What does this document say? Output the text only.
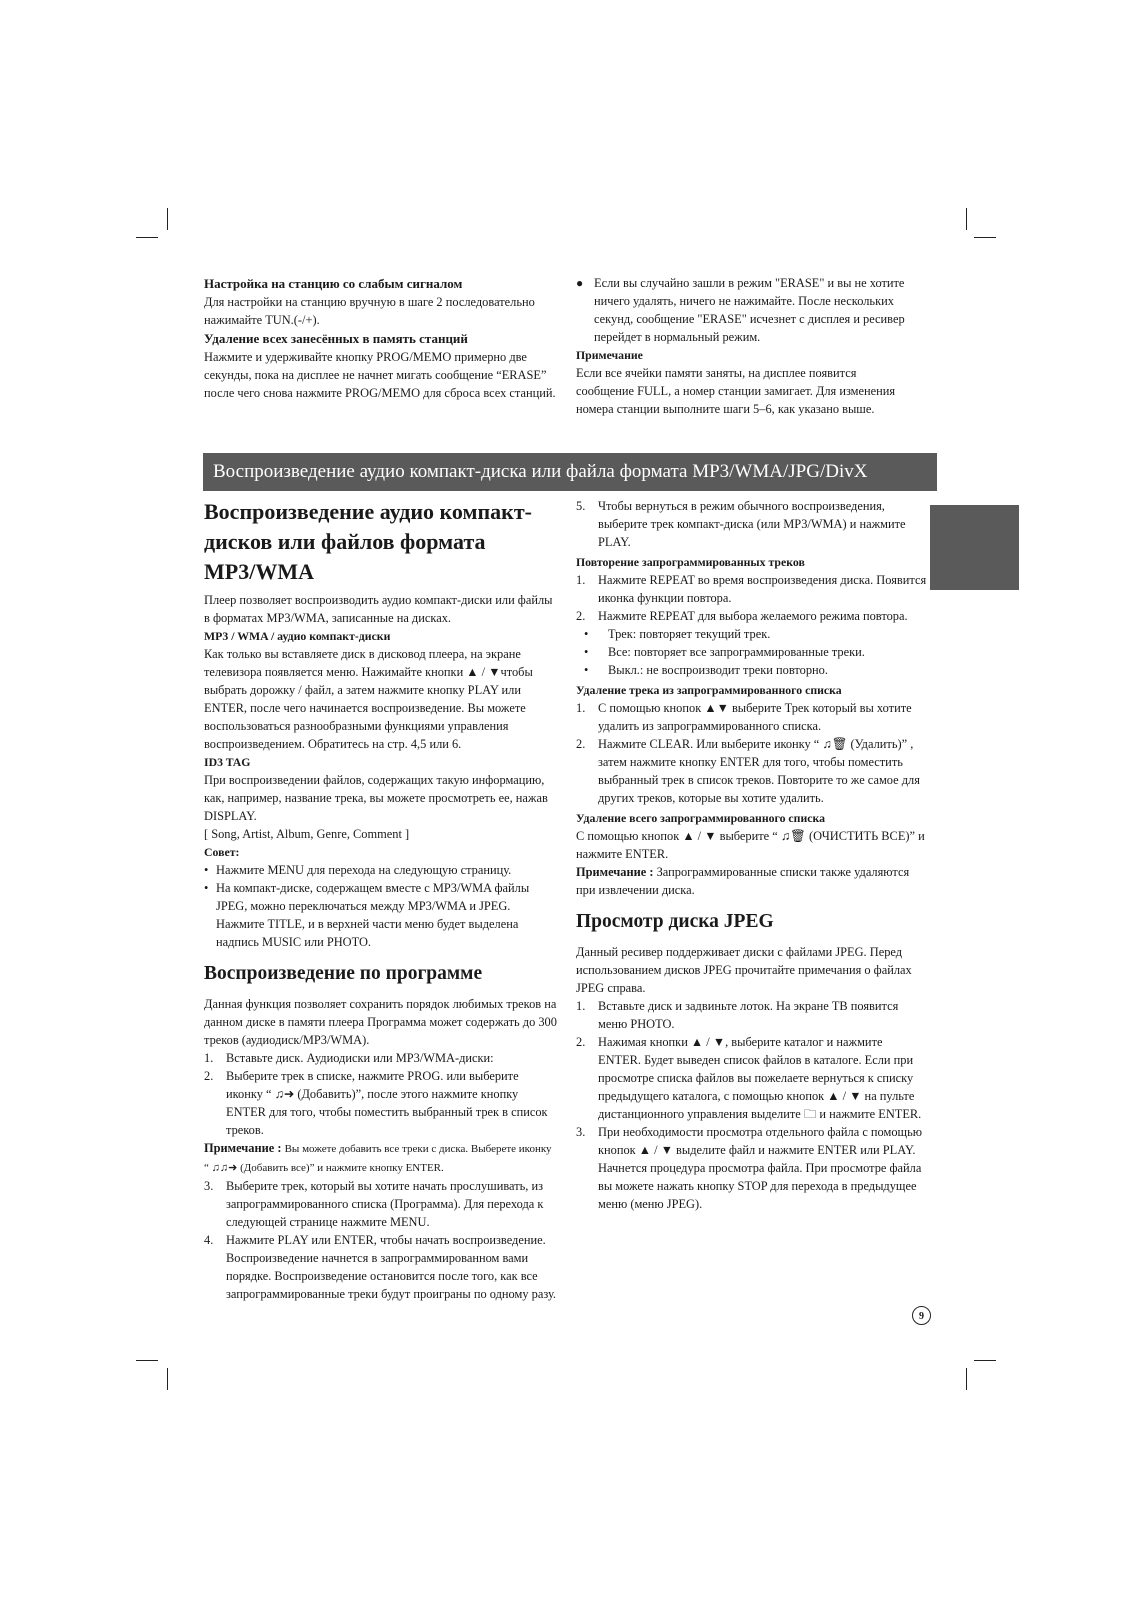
Настройка на станцию со слабым сигналом

Для настройки на станцию вручную в шаге 2 последовательно нажимайте TUN.(-/+).

Удаление всех занесённых в память станций

Нажмите и удерживайте кнопку PROG/MEMO примерно две секунды, пока на дисплее не начнет мигать сообщение “ERASE” после чего снова нажмите PROG/MEMO для сброса всех станций.

● Если вы случайно зашли в режим "ERASE" и вы не хотите ничего удалять, ничего не нажимайте. После нескольких секунд, сообщение "ERASE" исчезнет с дисплея и ресивер перейдет в нормальный режим.

Примечание

Если все ячейки памяти заняты, на дисплее появится сообщение FULL, а номер станции замигает. Для изменения номера станции выполните шаги 5–6, как указано выше.

Воспроизведение аудио компакт-диска или файла формата MP3/WMA/JPG/DivX
RUSSIAN

Воспроизведение аудио компакт-дисков или файлов формата MP3/WMA

Плеер позволяет воспроизводить аудио компакт-диски или файлы в форматах MP3/WMA, записанные на дисках.

MP3 / WMA / аудио компакт-диски

Как только вы вставляете диск в дисковод плеера, на экране телевизора появляется меню. Нажимайте кнопки ▲ / ▼чтобы выбрать дорожку / файл, а затем нажмите кнопку PLAY или ENTER, после чего начинается воспроизведение. Вы можете воспользоваться разнообразными функциями управления воспроизведением. Обратитесь на стр. 4,5 или 6.

ID3 TAG

При воспроизведении файлов, содержащих такую информацию, как, например, название трека, вы можете просмотреть ее, нажав DISPLAY.

[ Song, Artist, Album, Genre, Comment ]

Совет:

• Нажмите MENU для перехода на следующую страницу.
• На компакт-диске, содержащем вместе с MP3/WMA файлы JPEG, можно переключаться между MP3/WMA и JPEG. Нажмите TITLE, и в верхней части меню будет выделена надпись MUSIC или PHOTO.

Воспроизведение по программе

Данная функция позволяет сохранить порядок любимых треков на данном диске в памяти плеера Программа может содержать до 300 треков (аудиодиск/MP3/WMA).

1. Вставьте диск. Аудиодиски или MP3/WMA-диски:
2. Выберите трек в списке, нажмите PROG. или выберите иконку “ ♫➜ (Добавить)”, после этого нажмите кнопку ENTER для того, чтобы поместить выбранный трек в список треков.

Примечание : Вы можете добавить все треки с диска. Выберете иконку “ ♫♫➜ (Добавить все)” и нажмите кнопку ENTER.

3. Выберите трек, который вы хотите начать прослушивать, из запрограммированного списка (Программа). Для перехода к следующей странице нажмите MENU.
4. Нажмите PLAY или ENTER, чтобы начать воспроизведение. Воспроизведение начнется в запрограммированном вами порядке. Воспроизведение остановится после того, как все запрограммированные треки будут проиграны по одному разу.
5. Чтобы вернуться в режим обычного воспроизведения, выберите трек компакт-диска (или MP3/WMA) и нажмите PLAY.

Повторение запрограммированных треков

1. Нажмите REPEAT во время воспроизведения диска. Появится иконка функции повтора.
2. Нажмите REPEAT для выбора желаемого режима повтора.
• Трек: повторяет текущий трек.
• Все: повторяет все запрограммированные треки.
• Выкл.: не воспроизводит треки повторно.

Удаление трека из запрограммированного списка

1. С помощью кнопок ▲▼ выберите Трек который вы хотите удалить из запрограммированного списка.
2. Нажмите CLEAR. Или выберите иконку “ ♫🗑 (Удалить)” , затем нажмите кнопку ENTER для того, чтобы поместить выбранный трек в список треков. Повторите то же самое для других треков, которые вы хотите удалить.

Удаление всего запрограммированного списка

С помощью кнопок ▲ / ▼ выберите “ ♫🗑 (ОЧИСТИТЬ ВСЕ)” и нажмите ENTER.

Примечание : Запрограммированные списки также удаляются при извлечении диска.

Просмотр диска JPEG

Данный ресивер поддерживает диски с файлами JPEG. Перед использованием дисков JPEG прочитайте примечания о файлах JPEG справа.

1. Вставьте диск и задвиньте лоток. На экране ТВ появится меню PHOTO.
2. Нажимая кнопки ▲ / ▼, выберите каталог и нажмите ENTER. Будет выведен список файлов в каталоге. Если при просмотре списка файлов вы пожелаете вернуться к списку предыдущего каталога, с помощью кнопок ▲ / ▼ на пульте дистанционного управления выделите 🗀 и нажмите ENTER.
3. При необходимости просмотра отдельного файла с помощью кнопок ▲ / ▼ выделите файл и нажмите ENTER или PLAY. Начнется процедура просмотра файла. При просмотре файла вы можете нажать кнопку STOP для перехода в предыдущее меню (меню JPEG).
9
